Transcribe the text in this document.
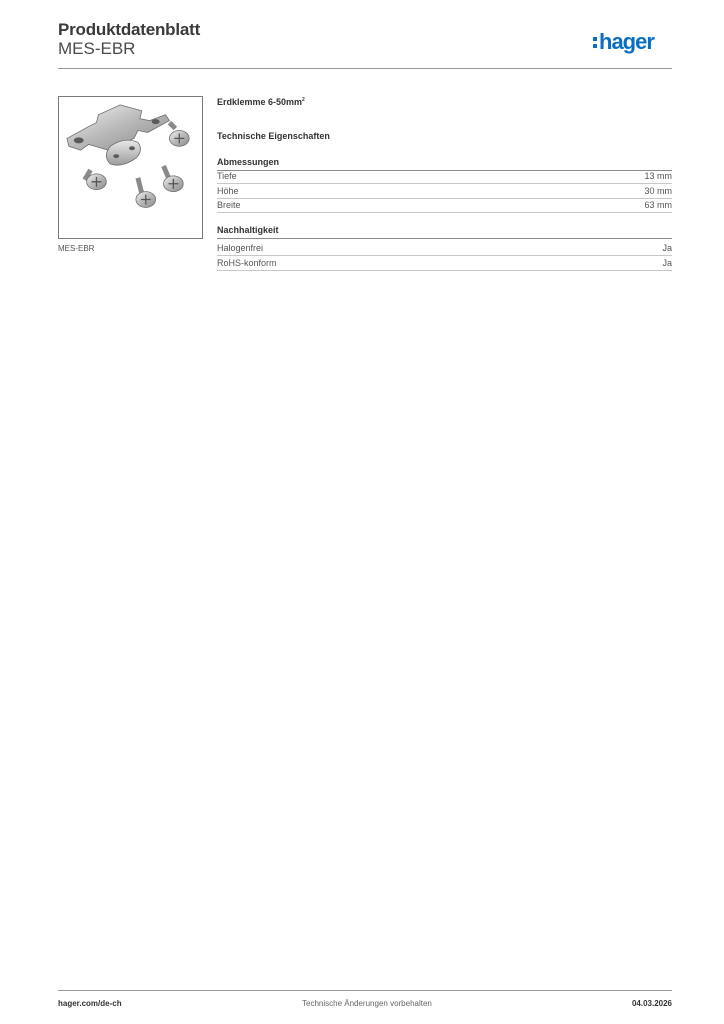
Produktdatenblatt
MES-EBR	hager
MES-EBR
Erdklemme $6-50mm^2$
Technische Eigenschaften
Abmessungen
Tiefe	13 mm
Höhe	30 mm
Breite	63 mm
Nachhaltigkeit
Halogenfrei	Ja
RoHS-konform	Ja
hager.com/de-ch	Technische Änderungen vorbehalten	04.03.2026
